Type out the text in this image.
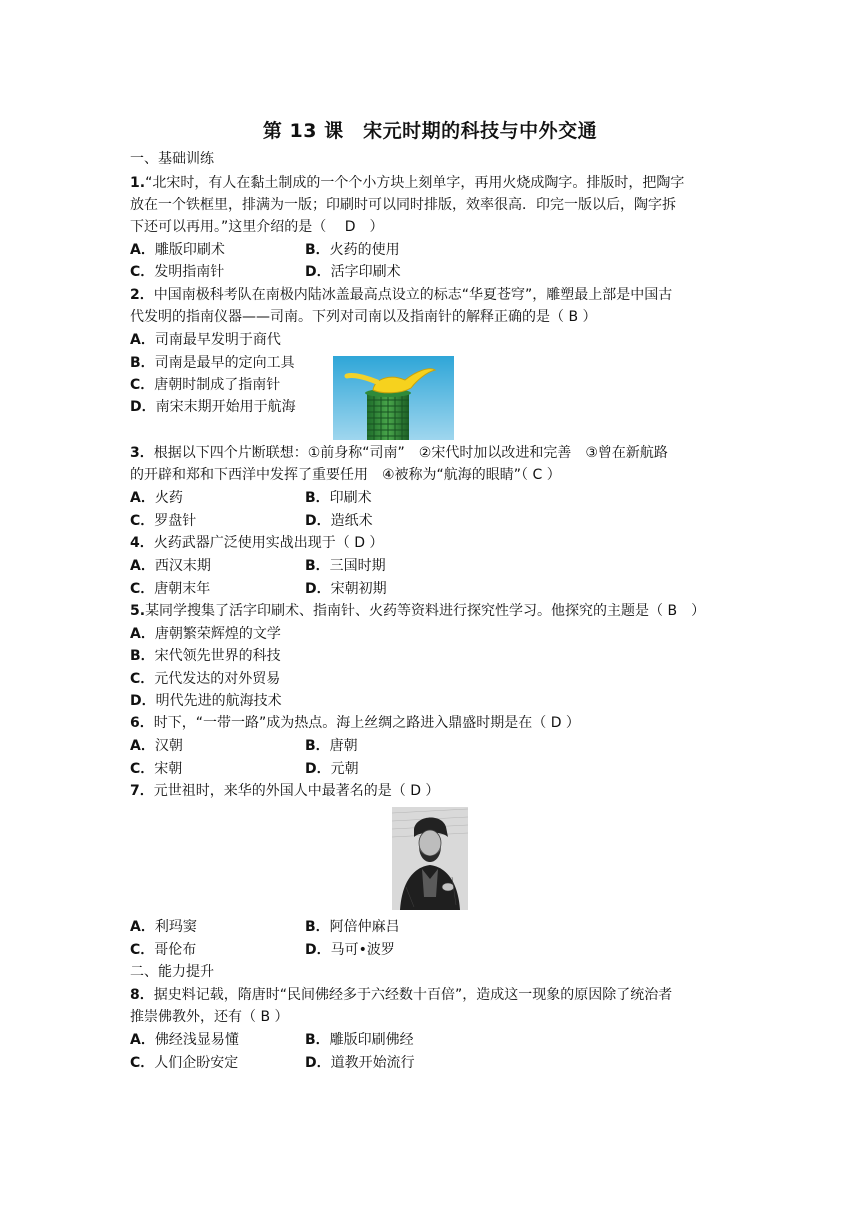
第 13 课　宋元时期的科技与中外交通
一、基础训练
1.“北宋时，有人在黏土制成的一个个小方块上刻单字，再用火烧成陶字。排版时，把陶字
放在一个铁框里，排满为一版；印刷时可以同时排版，效率很高．印完一版以后，陶字拆
下还可以再用。”这里介绍的是（　 D　）
A．雕版印刷术	B．火药的使用
C．发明指南针	D．活字印刷术
2．中国南极科考队在南极内陆冰盖最高点设立的标志“华夏苍穹”，雕塑最上部是中国古
代发明的指南仪器——司南。下列对司南以及指南针的解释正确的是（ B ）
A．司南最早发明于商代
B．司南是最早的定向工具
C．唐朝时制成了指南针
D．南宋末期开始用于航海
3．根据以下四个片断联想：①前身称“司南”　②宋代时加以改进和完善　③曾在新航路
的开辟和郑和下西洋中发挥了重要任用　④被称为“航海的眼睛”（ C ）
A．火药	B．印刷术
C．罗盘针	D．造纸术
4．火药武器广泛使用实战出现于（ D ）
A．西汉末期	B．三国时期
C．唐朝末年	D．宋朝初期
5.某同学搜集了活字印刷术、指南针、火药等资料进行探究性学习。他探究的主题是（ B　）
A．唐朝繁荣辉煌的文学
B．宋代领先世界的科技
C．元代发达的对外贸易
D．明代先进的航海技术
6．时下，“一带一路”成为热点。海上丝绸之路进入鼎盛时期是在（ D ）
A．汉朝	B．唐朝
C．宋朝	D．元朝
7．元世祖时，来华的外国人中最著名的是（ D ）
A．利玛窦	B．阿倍仲麻吕
C．哥伦布	D．马可•波罗
二、能力提升
8．据史料记载，隋唐时“民间佛经多于六经数十百倍”，造成这一现象的原因除了统治者
推崇佛教外，还有（ B ）
A．佛经浅显易懂	B．雕版印刷佛经
C．人们企盼安定	D．道教开始流行
